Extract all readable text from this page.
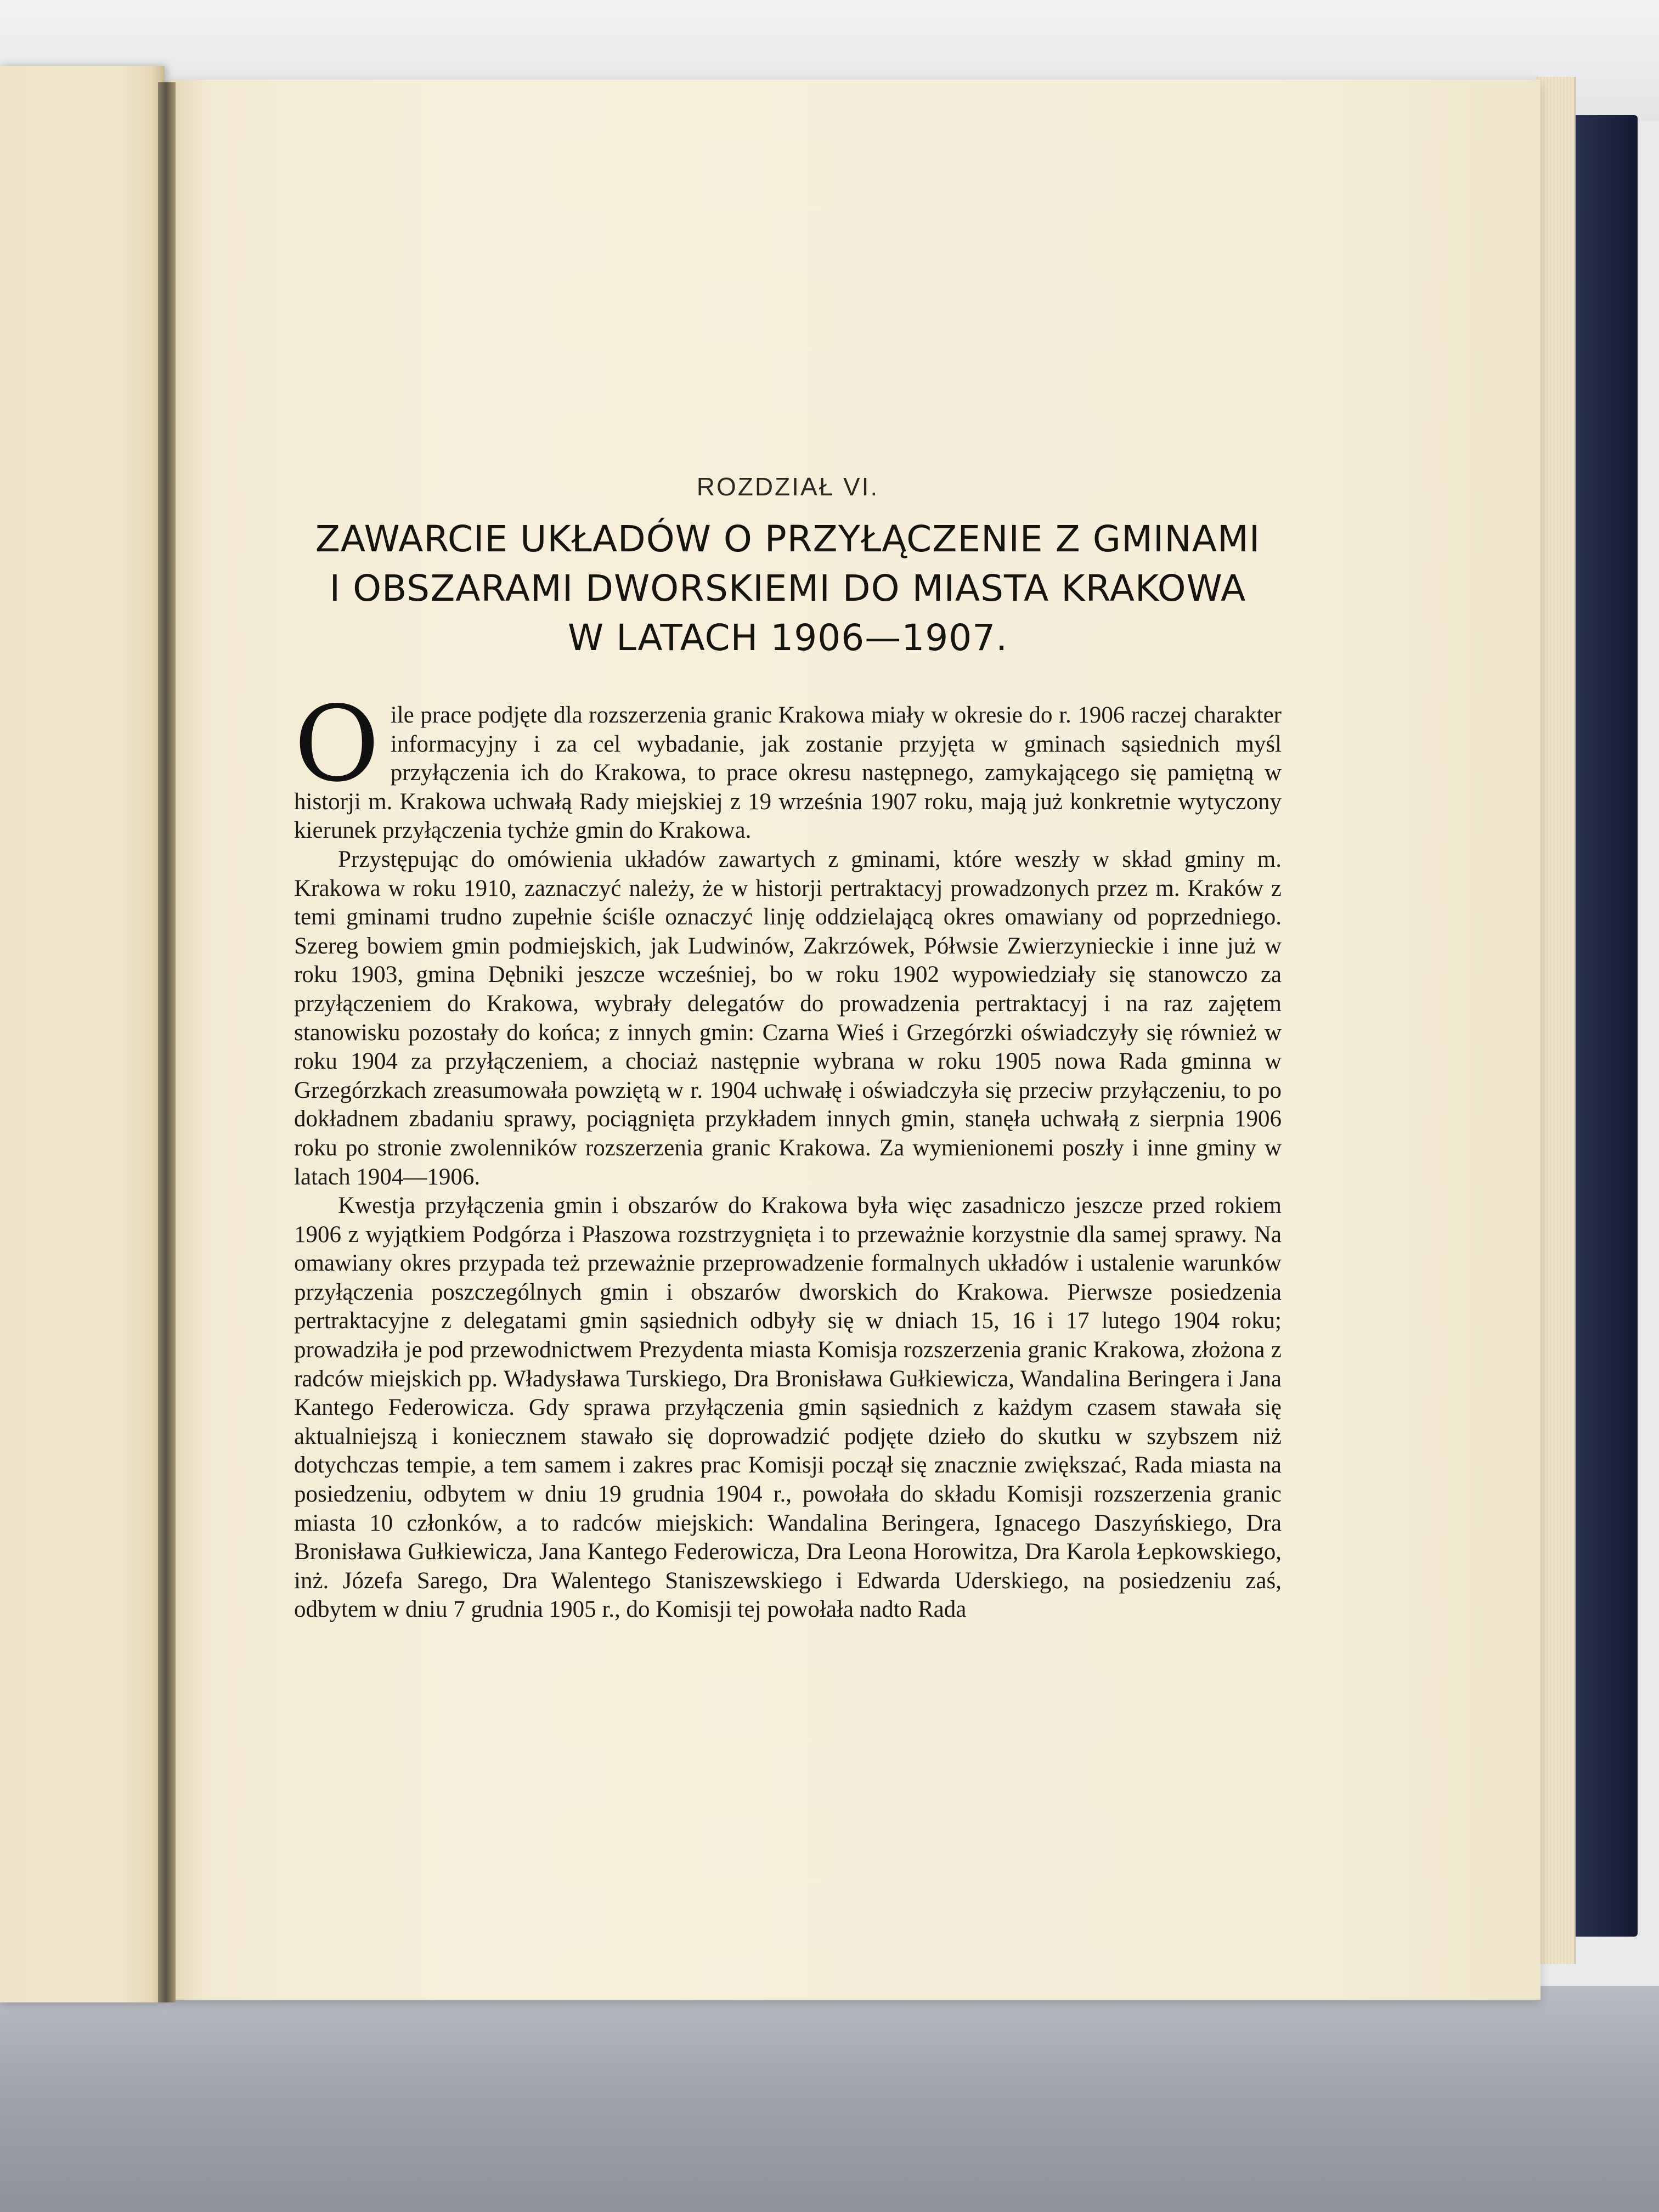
ROZDZIAŁ VI.
ZAWARCIE UKŁADÓW O PRZYŁĄCZENIE Z GMINAMI
I OBSZARAMI DWORSKIEMI DO MIASTA KRAKOWA
W LATACH 1906—1907.

Oile prace podjęte dla rozszerzenia granic Krakowa miały w okresie do r. 1906 raczej charakter informacyjny i za cel wybadanie, jak zostanie przyjęta w gminach sąsiednich myśl przyłączenia ich do Krakowa, to prace okresu następnego, zamykającego się pamiętną w historji m. Krakowa uchwałą Rady miejskiej z 19 września 1907 roku, mają już konkretnie wytyczony kierunek przyłączenia tychże gmin do Krakowa.

Przystępując do omówienia układów zawartych z gminami, które weszły w skład gminy m. Krakowa w roku 1910, zaznaczyć należy, że w historji pertraktacyj prowadzonych przez m. Kraków z temi gminami trudno zupełnie ściśle oznaczyć linję oddzielającą okres omawiany od poprzedniego. Szereg bowiem gmin podmiejskich, jak Ludwinów, Zakrzówek, Półwsie Zwierzynieckie i inne już w roku 1903, gmina Dębniki jeszcze wcześniej, bo w roku 1902 wypowiedziały się stanowczo za przyłączeniem do Krakowa, wybrały delegatów do prowadzenia pertraktacyj i na raz zajętem stanowisku pozostały do końca; z innych gmin: Czarna Wieś i Grzegórzki oświadczyły się również w roku 1904 za przyłączeniem, a chociaż następnie wybrana w roku 1905 nowa Rada gminna w Grzegórzkach zreasumowała powziętą w r. 1904 uchwałę i oświadczyła się przeciw przyłączeniu, to po dokładnem zbadaniu sprawy, pociągnięta przykładem innych gmin, stanęła uchwałą z sierpnia 1906 roku po stronie zwolenników rozszerzenia granic Krakowa. Za wymienionemi poszły i inne gminy w latach 1904—1906.

Kwestja przyłączenia gmin i obszarów do Krakowa była więc zasadniczo jeszcze przed rokiem 1906 z wyjątkiem Podgórza i Płaszowa rozstrzygnięta i to przeważnie korzystnie dla samej sprawy. Na omawiany okres przypada też przeważnie przeprowadzenie formalnych układów i ustalenie warunków przyłączenia poszczególnych gmin i obszarów dworskich do Krakowa. Pierwsze posiedzenia pertraktacyjne z delegatami gmin sąsiednich odbyły się w dniach 15, 16 i 17 lutego 1904 roku; prowadziła je pod przewodnictwem Prezydenta miasta Komisja rozszerzenia granic Krakowa, złożona z radców miejskich pp. Władysława Turskiego, Dra Bronisława Gułkiewicza, Wandalina Beringera i Jana Kantego Federowicza. Gdy sprawa przyłączenia gmin sąsiednich z każdym czasem stawała się aktualniejszą i koniecznem stawało się doprowadzić podjęte dzieło do skutku w szybszem niż dotychczas tempie, a tem samem i zakres prac Komisji począł się znacznie zwiększać, Rada miasta na posiedzeniu, odbytem w dniu 19 grudnia 1904 r., powołała do składu Komisji rozszerzenia granic miasta 10 członków, a to radców miejskich: Wandalina Beringera, Ignacego Daszyńskiego, Dra Bronisława Gułkiewicza, Jana Kantego Federowicza, Dra Leona Horowitza, Dra Karola Łepkowskiego, inż. Józefa Sarego, Dra Walentego Staniszewskiego i Edwarda Uderskiego, na posiedzeniu zaś, odbytem w dniu 7 grudnia 1905 r., do Komisji tej powołała nadto Rada
